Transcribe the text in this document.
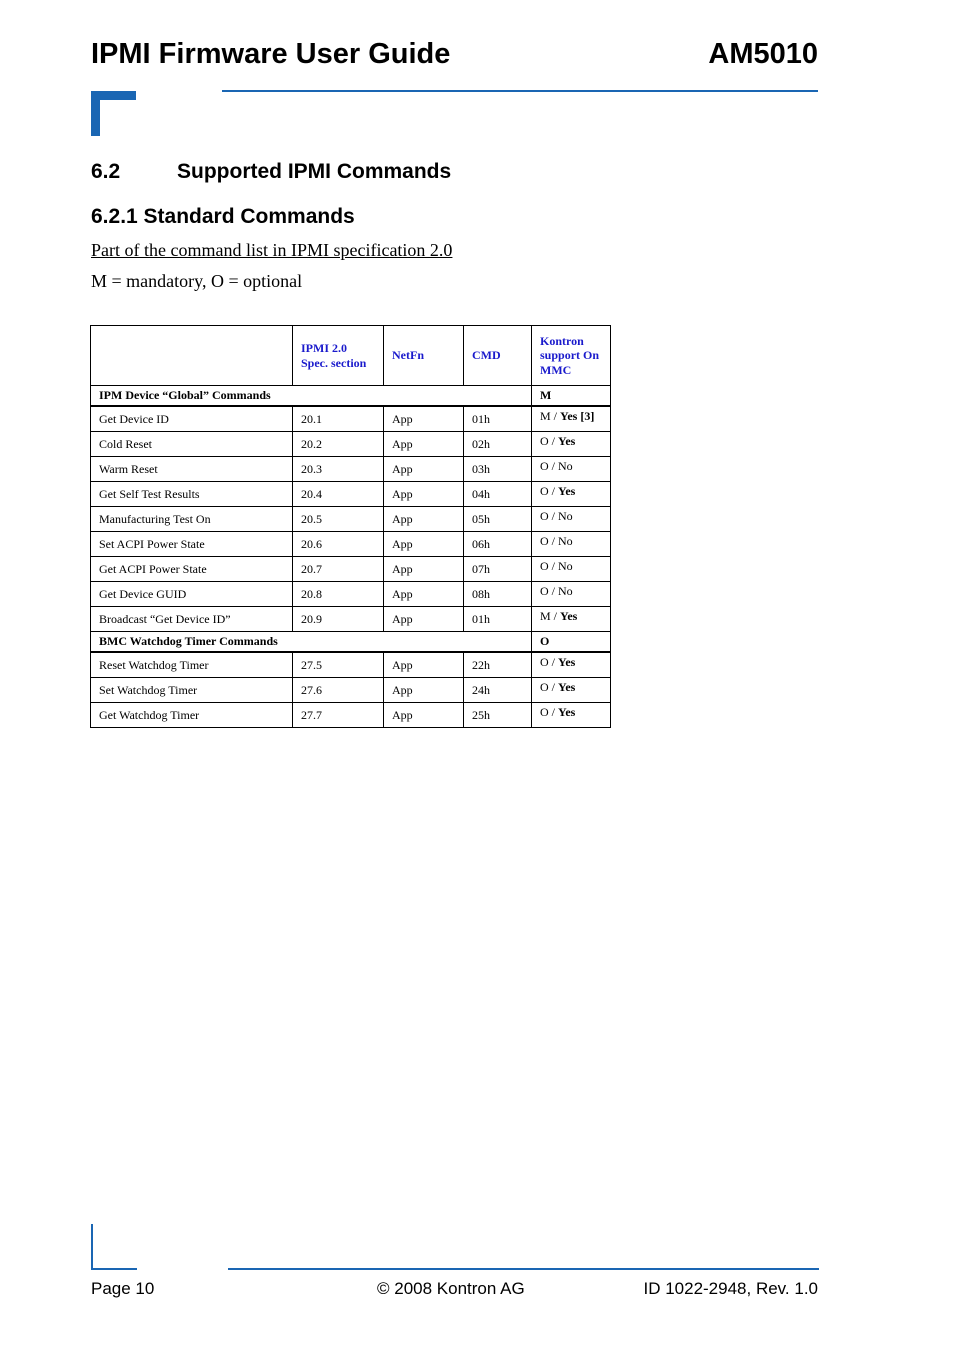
IPMI Firmware User Guide	AM5010
6.2	Supported IPMI Commands
6.2.1 Standard Commands
Part of the command list in IPMI specification 2.0
M = mandatory, O = optional
	IPMI 2.0 Spec. section	NetFn	CMD	Kontron support On MMC
IPM Device “Global” Commands				M
Get Device ID	20.1	App	01h	M / Yes [3]
Cold Reset	20.2	App	02h	O / Yes
Warm Reset	20.3	App	03h	O / No
Get Self Test Results	20.4	App	04h	O / Yes
Manufacturing Test On	20.5	App	05h	O / No
Set ACPI Power State	20.6	App	06h	O / No
Get ACPI Power State	20.7	App	07h	O / No
Get Device GUID	20.8	App	08h	O / No
Broadcast “Get Device ID”	20.9	App	01h	M / Yes
BMC Watchdog Timer Commands				O
Reset Watchdog Timer	27.5	App	22h	O / Yes
Set Watchdog Timer	27.6	App	24h	O / Yes
Get Watchdog Timer	27.7	App	25h	O / Yes
Page 10	© 2008 Kontron AG	ID 1022-2948, Rev. 1.0
